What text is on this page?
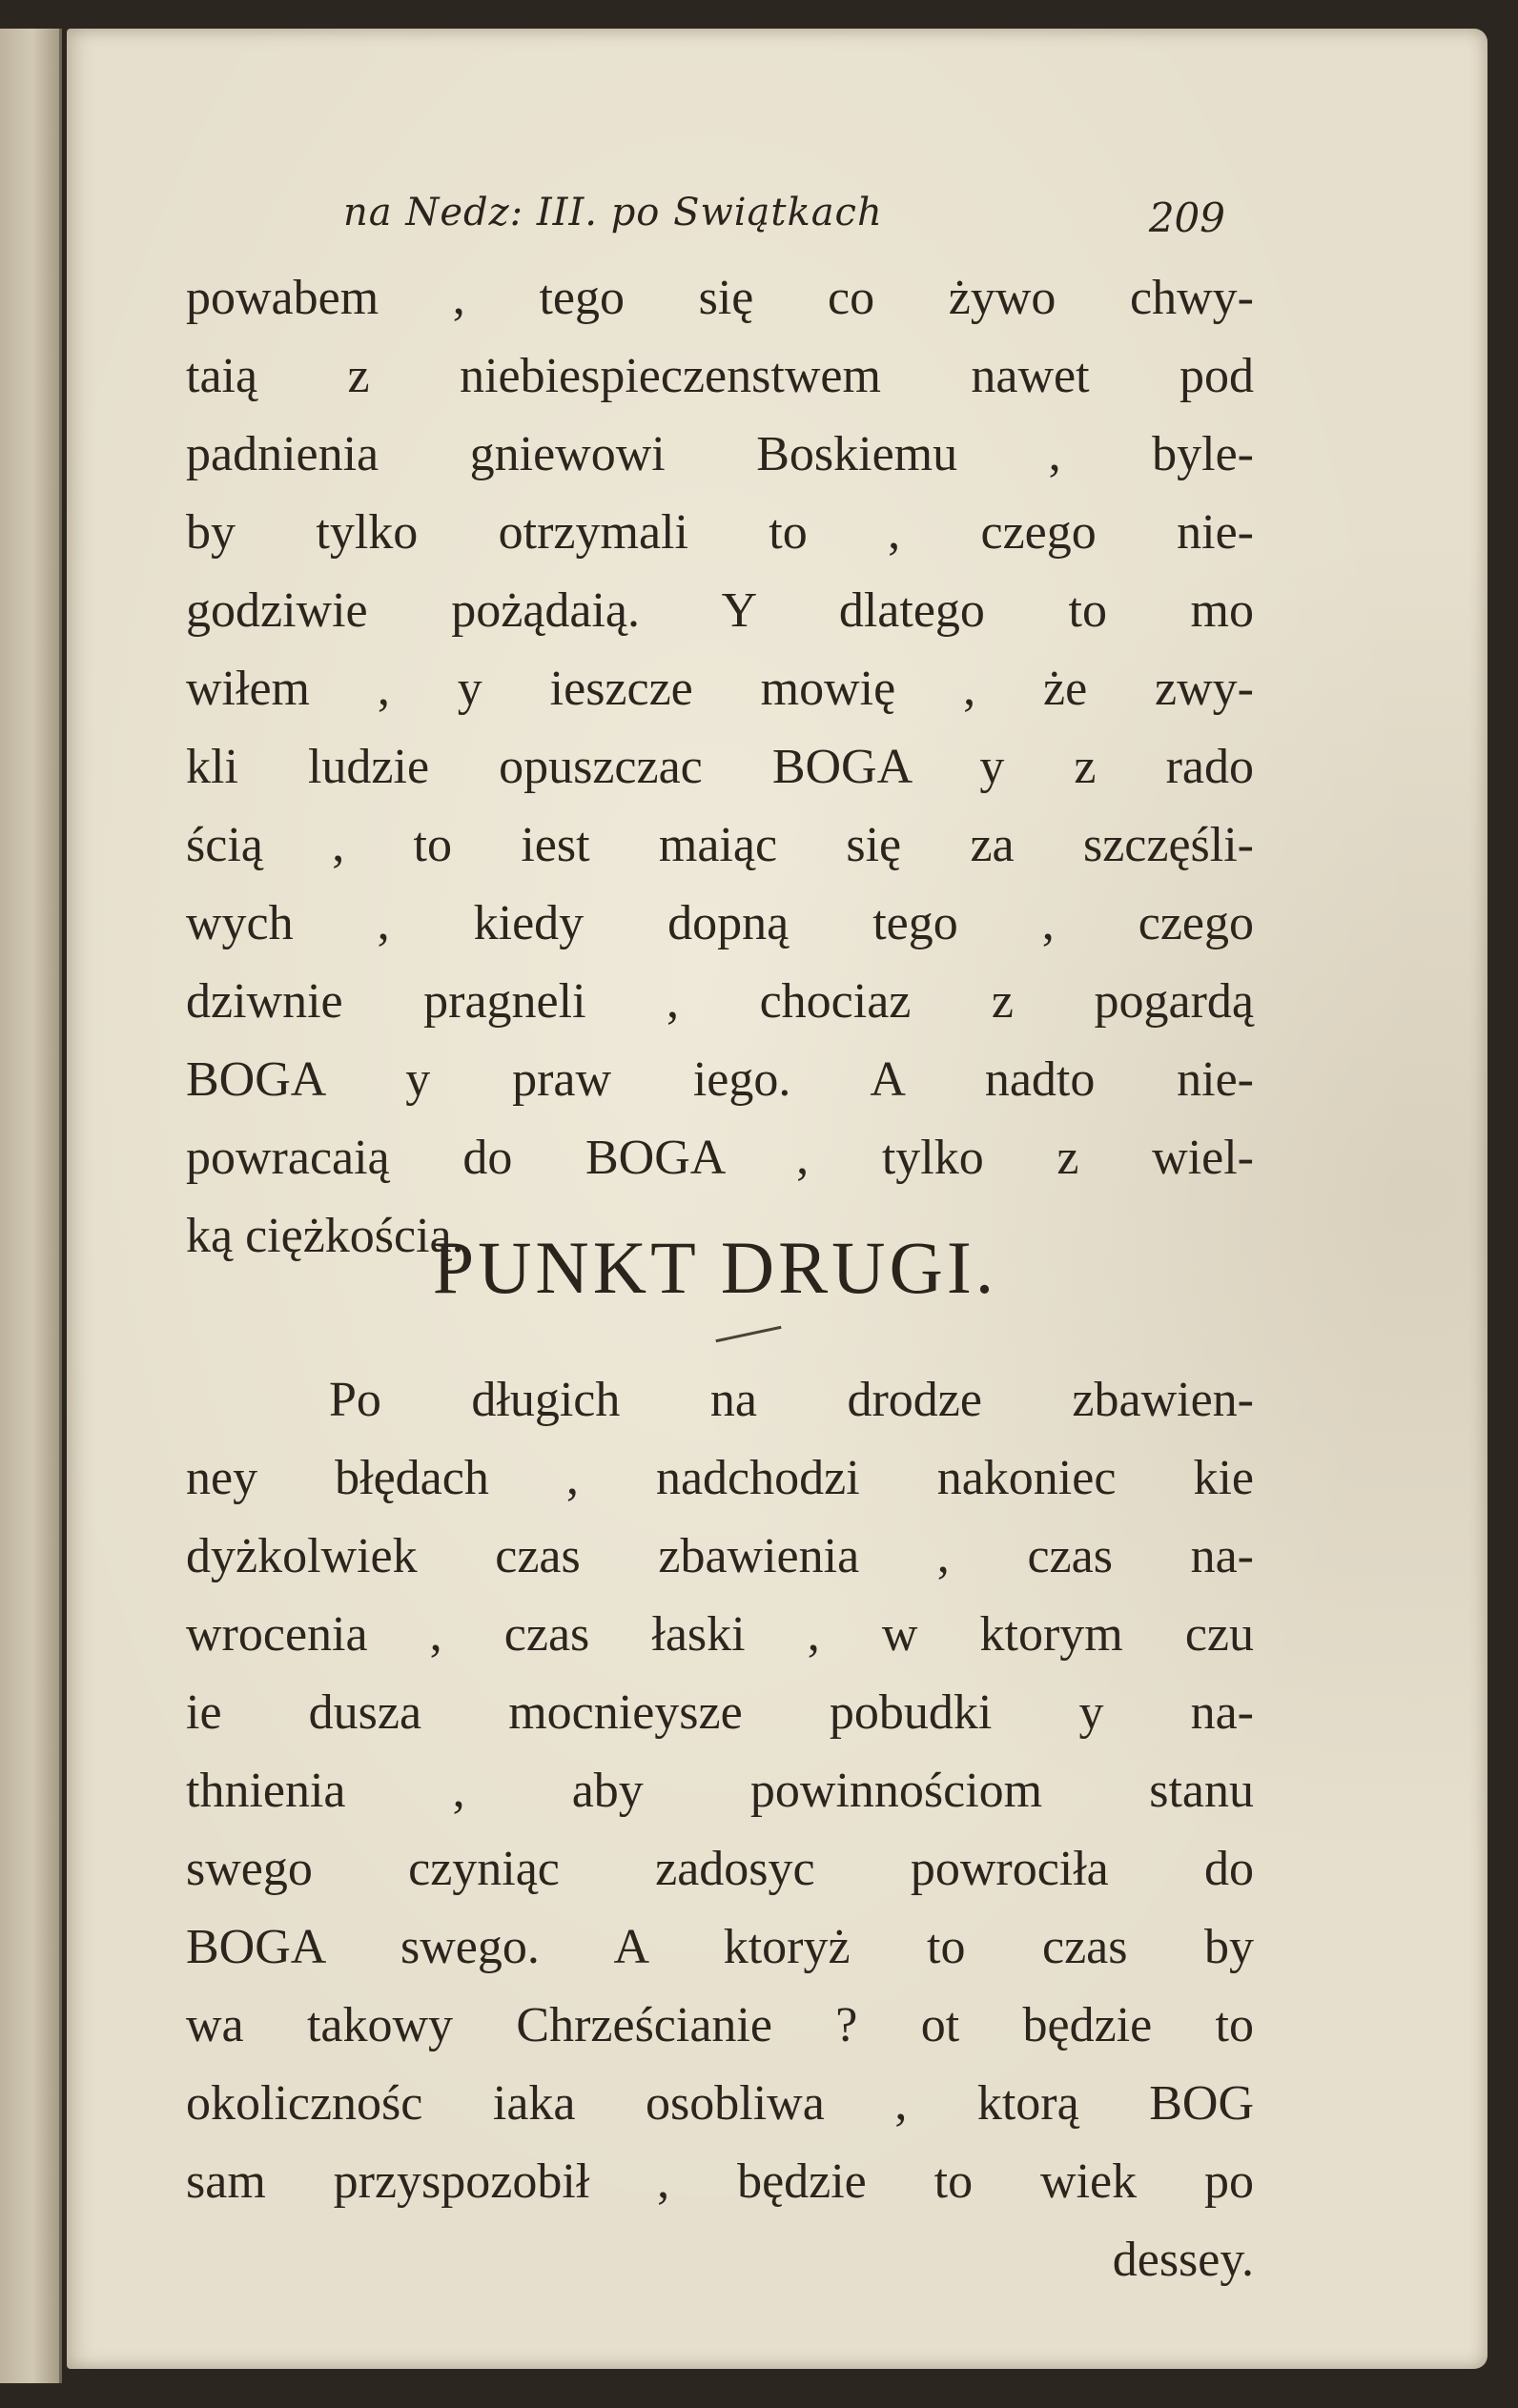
na Nedz: III. po Swiątkach	209
powabem , tego się co żywo chwy-
taią z niebiespieczenstwem nawet pod
padnienia gniewowi Boskiemu , byle-
by tylko otrzymali to , czego nie-
godziwie pożądaią. Y dlatego to mo
wiłem , y ieszcze mowię , że zwy-
kli ludzie opuszczac BOGA y z rado
ścią , to iest maiąc się za szczęśli-
wych , kiedy dopną tego , czego
dziwnie pragneli , chociaz z pogardą
BOGA y praw iego. A nadto nie-
powracaią do BOGA , tylko z wiel-
ką ciężkością.
PUNKT DRUGI.
Po długich na drodze zbawien-
ney błędach , nadchodzi nakoniec kie
dyżkolwiek czas zbawienia , czas na-
wrocenia , czas łaski , w ktorym czu
ie dusza mocnieysze pobudki y na-
thnienia , aby powinnościom stanu
swego czyniąc zadosyc powrociła do
BOGA swego. A ktoryż to czas by
wa takowy Chrześcianie ? ot będzie to
okolicznośc iaka osobliwa , ktorą BOG
sam przyspozobił , będzie to wiek po
dessey.
